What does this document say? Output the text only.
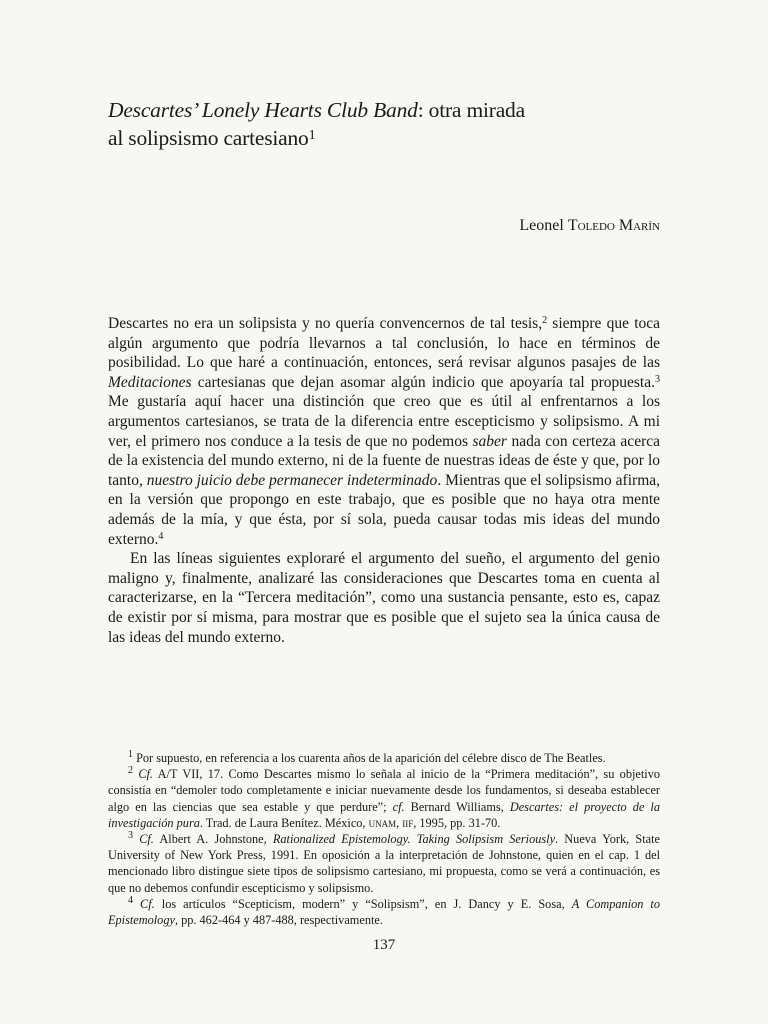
Descartes’ Lonely Hearts Club Band: otra mirada
al solipsismo cartesiano$^1$
Leonel Toledo Marín

Descartes no era un solipsista y no quería convencernos de tal tesis,$^2$ siempre que toca algún argumento que podría llevarnos a tal conclusión, lo hace en términos de posibilidad. Lo que haré a continuación, entonces, será revisar algunos pasajes de las Meditaciones cartesianas que dejan asomar algún indicio que apoyaría tal propuesta.$^3$ Me gustaría aquí hacer una distinción que creo que es útil al enfrentarnos a los argumentos cartesianos, se trata de la diferencia entre escepticismo y solipsismo. A mi ver, el primero nos conduce a la tesis de que no podemos saber nada con certeza acerca de la existencia del mundo externo, ni de la fuente de nuestras ideas de éste y que, por lo tanto, nuestro juicio debe permanecer indeterminado. Mientras que el solipsismo afirma, en la versión que propongo en este trabajo, que es posible que no haya otra mente además de la mía, y que ésta, por sí sola, pueda causar todas mis ideas del mundo externo.$^4$

En las líneas siguientes exploraré el argumento del sueño, el argumento del genio maligno y, finalmente, analizaré las consideraciones que Descartes toma en cuenta al caracterizarse, en la “Tercera meditación”, como una sustancia pensante, esto es, capaz de existir por sí misma, para mostrar que es posible que el sujeto sea la única causa de las ideas del mundo externo.

$^1$ Por supuesto, en referencia a los cuarenta años de la aparición del célebre disco de The Beatles.

$^2$ Cf. A/T VII, 17. Como Descartes mismo lo señala al inicio de la “Primera meditación”, su objetivo consistía en “demoler todo completamente e iniciar nuevamente desde los fundamentos, si deseaba establecer algo en las ciencias que sea estable y que perdure”; cf. Bernard Williams, Descartes: el proyecto de la investigación pura. Trad. de Laura Benítez. México, unam, iif, 1995, pp. 31-70.

$^3$ Cf. Albert A. Johnstone, Rationalized Epistemology. Taking Solipsism Seriously. Nueva York, State University of New York Press, 1991. En oposición a la interpretación de Johnstone, quien en el cap. 1 del mencionado libro distingue siete tipos de solipsismo cartesiano, mi propuesta, como se verá a continuación, es que no debemos confundir escepticismo y solipsismo.

$^4$ Cf. los artículos “Scepticism, modern” y “Solipsism”, en J. Dancy y E. Sosa, A Companion to Epistemology, pp. 462-464 y 487-488, respectivamente.

137
